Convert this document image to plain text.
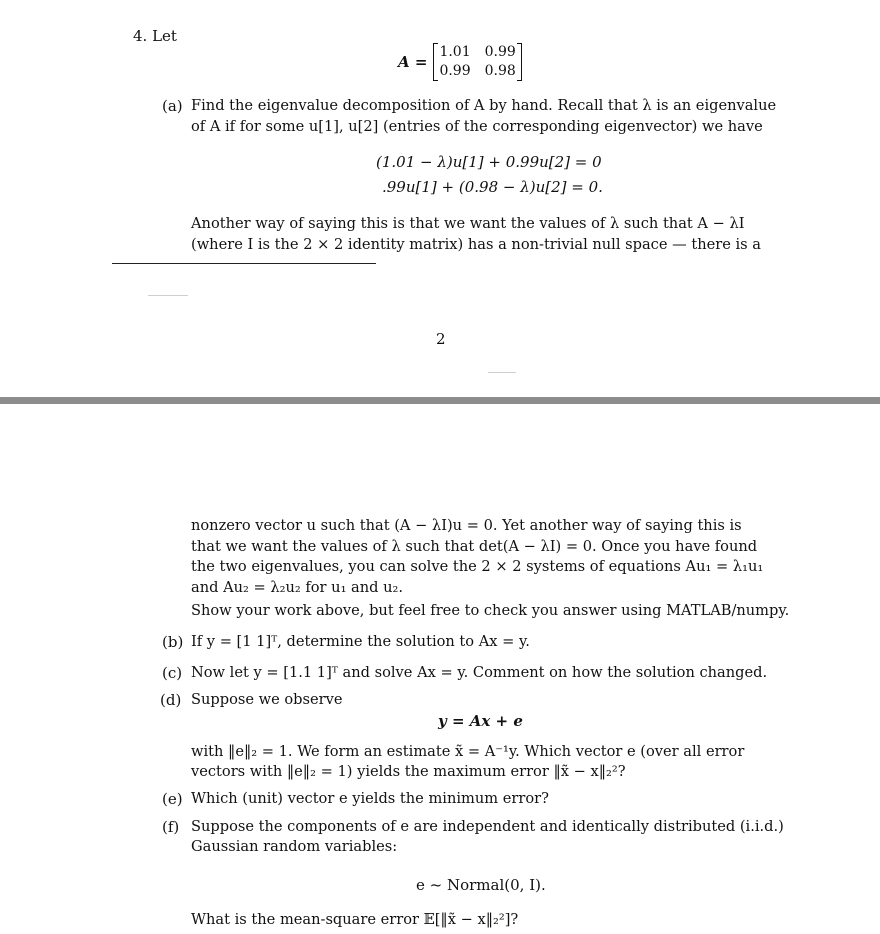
4. Let
A =
1.01 0.99
0.99 0.98
(a) Find the eigenvalue decomposition of A by hand. Recall that λ is an eigenvalue
of A if for some u[1], u[2] (entries of the corresponding eigenvector) we have
(1.01 − λ)u[1] + 0.99u[2] = 0
.99u[1] + (0.98 − λ)u[2] = 0.
Another way of saying this is that we want the values of λ such that A − λI
(where I is the 2 × 2 identity matrix) has a non-trivial null space — there is a
2
nonzero vector u such that (A − λI)u = 0. Yet another way of saying this is
that we want the values of λ such that det(A − λI) = 0. Once you have found
the two eigenvalues, you can solve the 2 × 2 systems of equations Au₁ = λ₁u₁
and Au₂ = λ₂u₂ for u₁ and u₂.
Show your work above, but feel free to check you answer using MATLAB/numpy.
(b) If y = [1 1]ᵀ, determine the solution to Ax = y.
(c) Now let y = [1.1 1]ᵀ and solve Ax = y. Comment on how the solution changed.
(d) Suppose we observe
y = Ax + e
with ‖e‖₂ = 1. We form an estimate x̃ = A⁻¹y. Which vector e (over all error
vectors with ‖e‖₂ = 1) yields the maximum error ‖x̃ − x‖₂²?
(e) Which (unit) vector e yields the minimum error?
(f) Suppose the components of e are independent and identically distributed (i.i.d.)
Gaussian random variables:
e ~ Normal(0, I).
What is the mean-square error 𝔼[‖x̃ − x‖₂²]?
